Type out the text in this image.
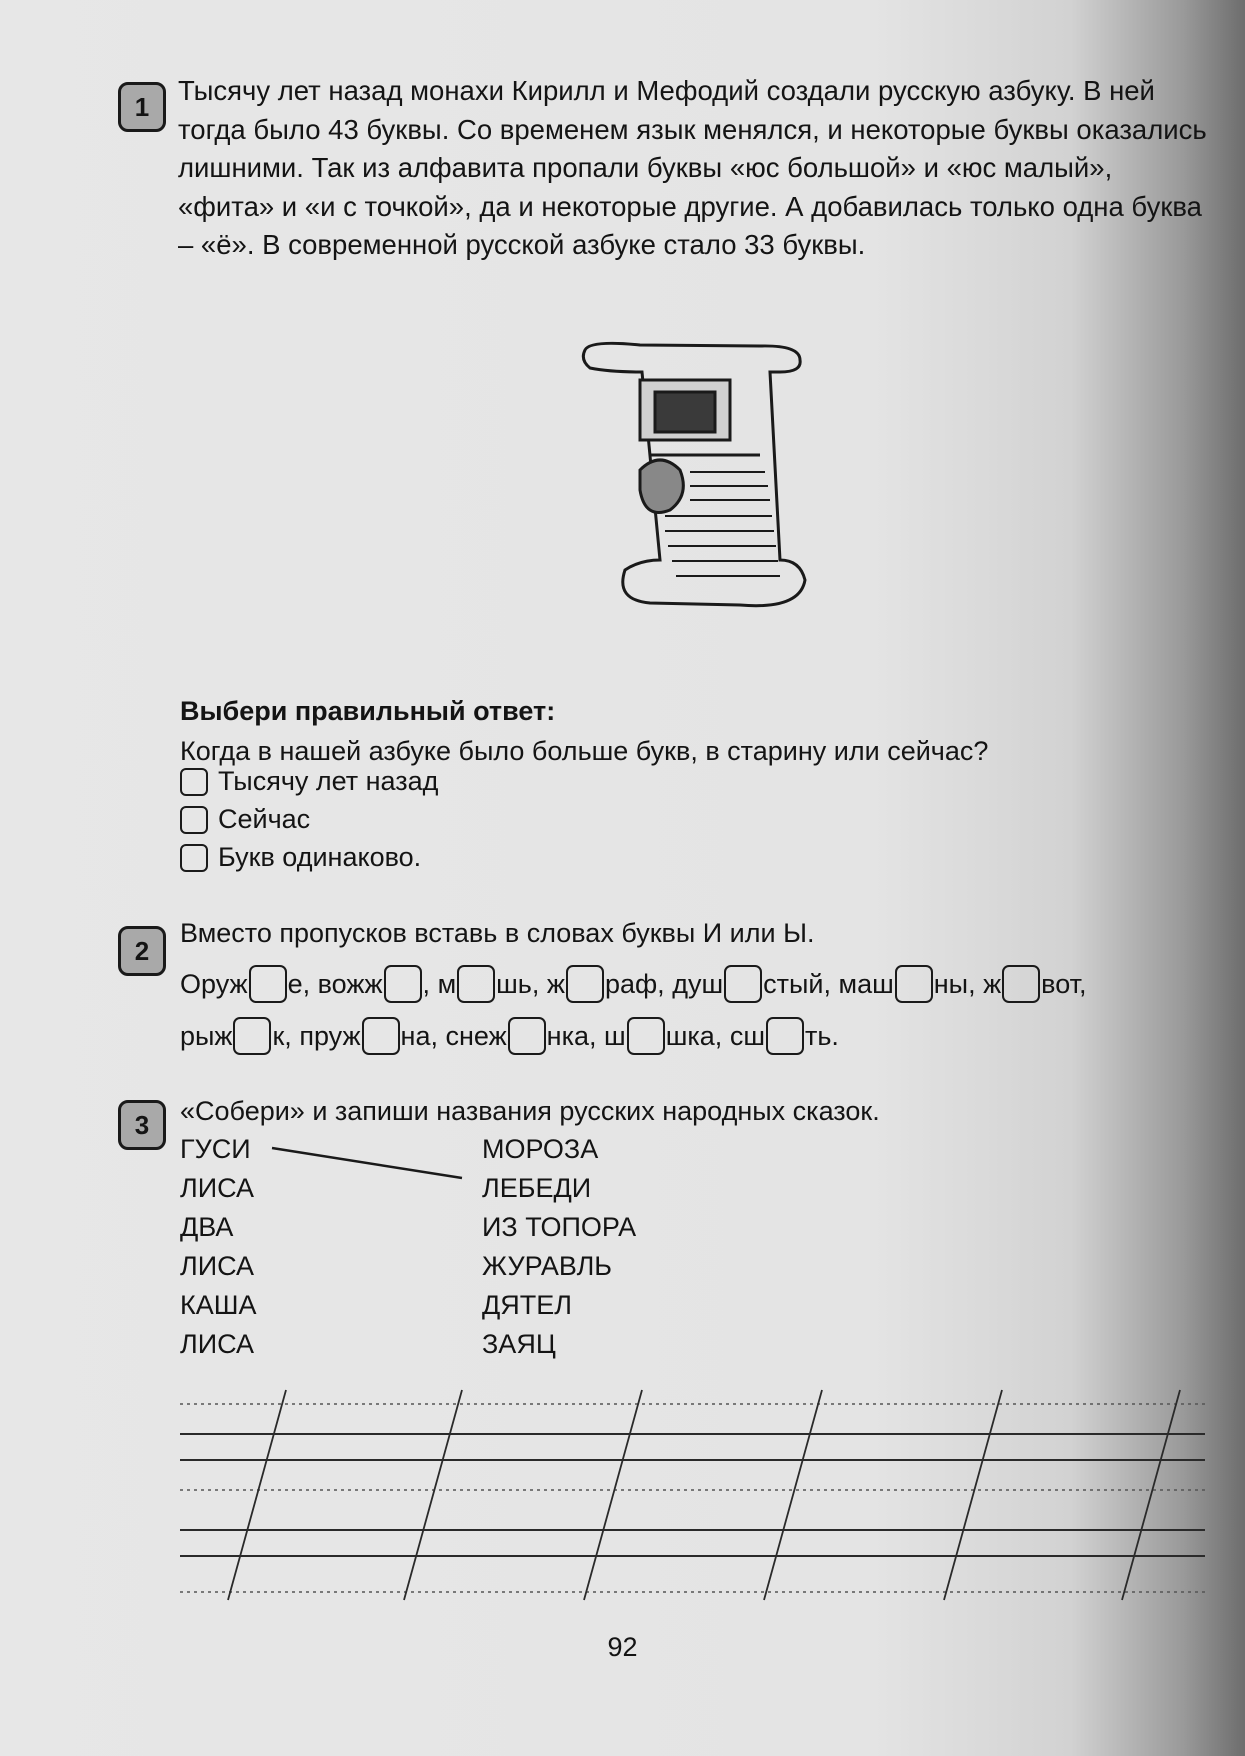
1
Тысячу лет назад монахи Кирилл и Мефодий создали русскую азбуку. В ней тогда было 43 буквы. Со временем язык менялся, и некоторые буквы оказались лишними. Так из алфавита пропали буквы «юс большой» и «юс малый», «фита» и «и с точкой», да и некоторые другие. А добавилась только одна буква – «ё». В современной русской азбуке стало 33 буквы.
Выбери правильный ответ:
Когда в нашей азбуке было больше букв, в старину или сейчас?
Тысячу лет назад
Сейчас
Букв одинаково.
2
Вместо пропусков вставь в словах буквы И или Ы.
Оруж е, вожж , м шь, ж раф, душ стый, маш ны, ж вот,
рыж к, пруж на, снеж нка, ш шка, сш ть.
3	«Собери» и запиши названия русских народных сказок.
ГУСИ
ЛИСА
ДВА
ЛИСА
КАША
ЛИСА
МОРОЗА
ЛЕБЕДИ
ИЗ ТОПОРА
ЖУРАВЛЬ
ДЯТЕЛ
ЗАЯЦ
92
